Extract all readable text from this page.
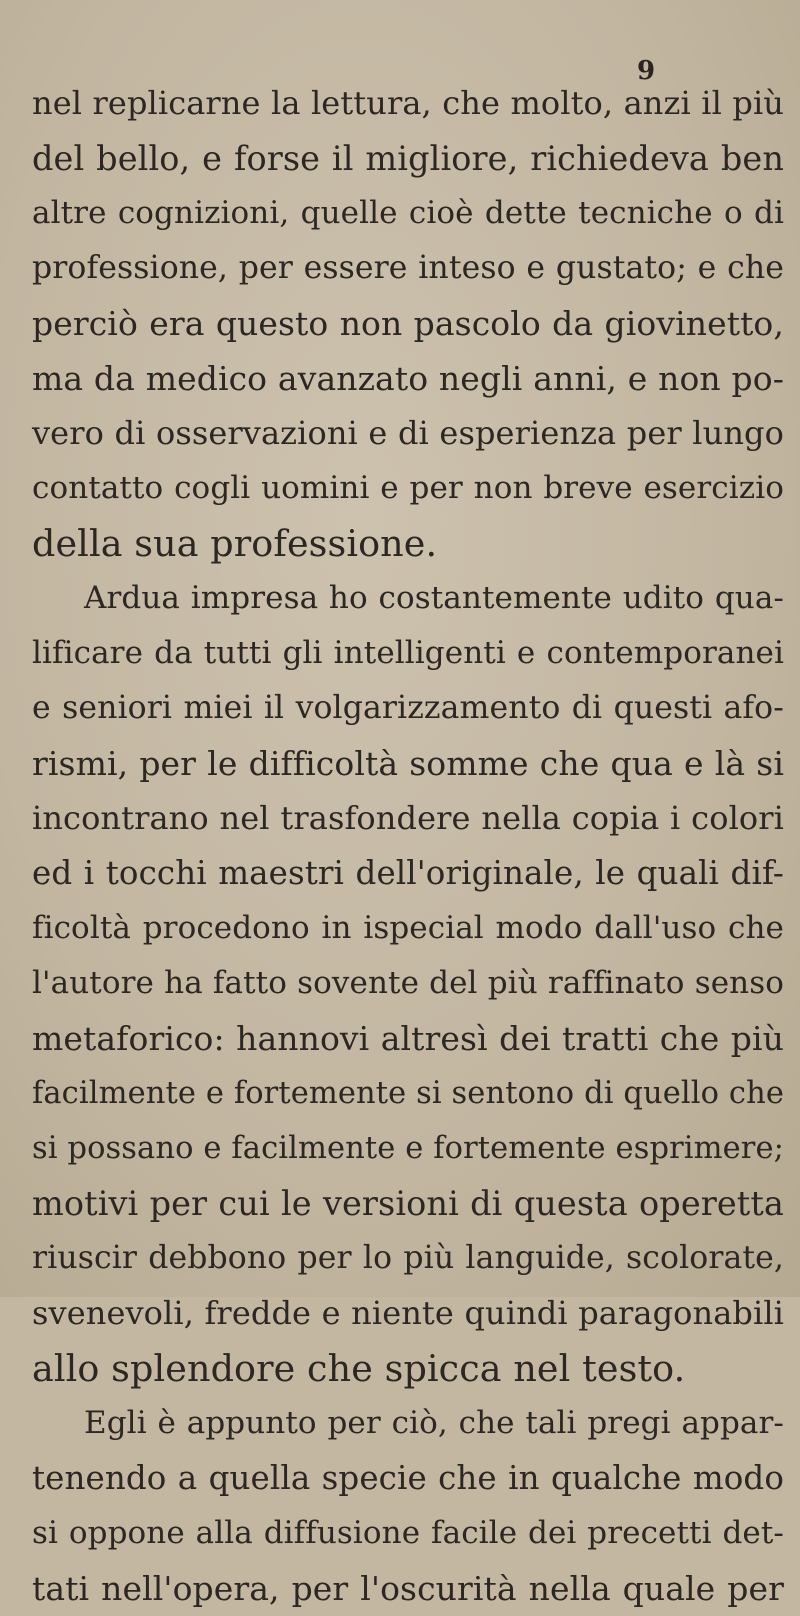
9
nel replicarne la lettura, che molto, anzi il più
del bello, e forse il migliore, richiedeva ben
altre cognizioni, quelle cioè dette tecniche o di
professione, per essere inteso e gustato; e che
perciò era questo non pascolo da giovinetto,
ma da medico avanzato negli anni, e non po-
vero di osservazioni e di esperienza per lungo
contatto cogli uomini e per non breve esercizio
della sua professione.
Ardua impresa ho costantemente udito qua-
lificare da tutti gli intelligenti e contemporanei
e seniori miei il volgarizzamento di questi afo-
rismi, per le difficoltà somme che qua e là si
incontrano nel trasfondere nella copia i colori
ed i tocchi maestri dell'originale, le quali dif-
ficoltà procedono in ispecial modo dall'uso che
l'autore ha fatto sovente del più raffinato senso
metaforico: hannovi altresì dei tratti che più
facilmente e fortemente si sentono di quello che
si possano e facilmente e fortemente esprimere;
motivi per cui le versioni di questa operetta
riuscir debbono per lo più languide, scolorate,
svenevoli, fredde e niente quindi paragonabili
allo splendore che spicca nel testo.
Egli è appunto per ciò, che tali pregi appar-
tenendo a quella specie che in qualche modo
si oppone alla diffusione facile dei precetti det-
tati nell'opera, per l'oscurità nella quale per
